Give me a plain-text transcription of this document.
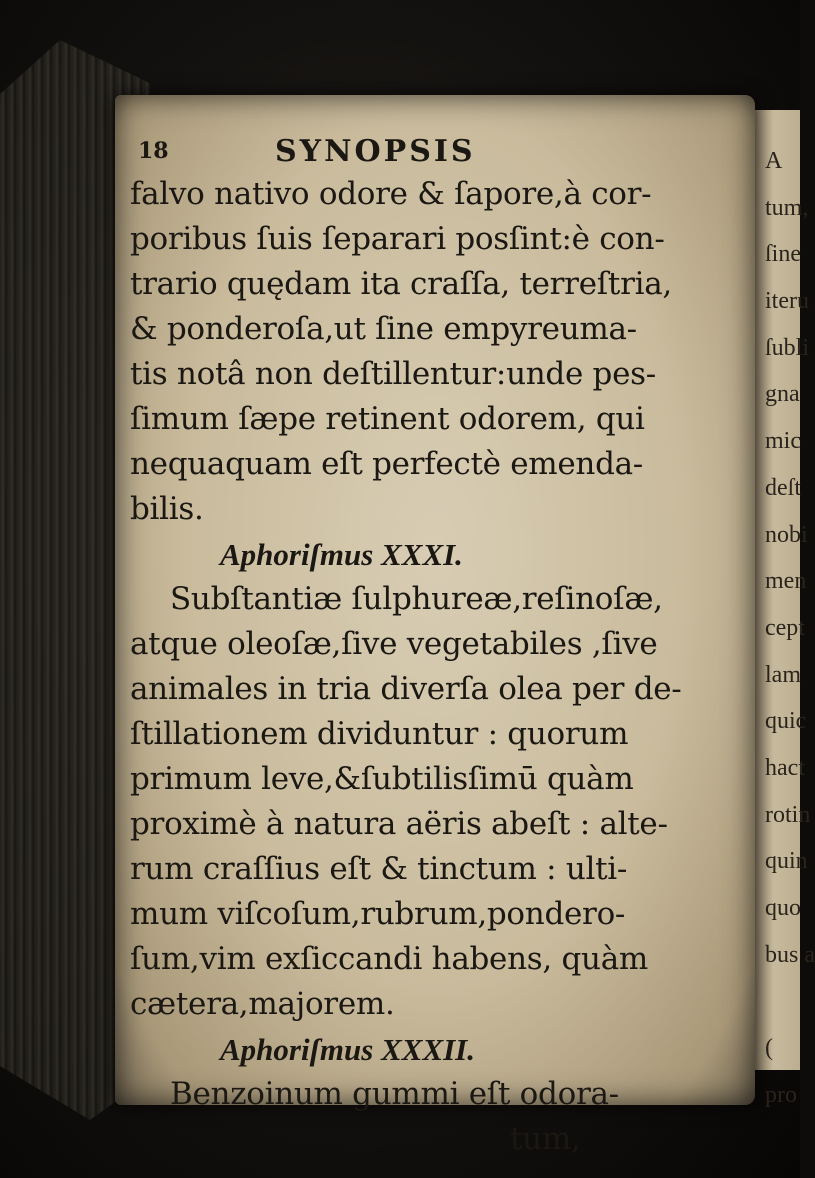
A
tum,
ſine
iteru
ſubli
gna
mic
deſt
nobi
men
cept
lam
quic
hact
rotin
quin
quo
bus a
(
pro
18	SYNOPSIS
falvo nativo odore & ſapore,à cor-
poribus ſuis ſeparari posſint:è con-
trario quędam ita craſſa, terreſtria,
& ponderoſa,ut ſine empyreuma-
tis notâ non deſtillentur:unde pes-
ſimum ſæpe retinent odorem, qui
nequaquam eſt perfectè emenda-
bilis.
Aphoriſmus XXXI.
Subſtantiæ ſulphureæ,reſinoſæ,
atque oleoſæ,ſive vegetabiles ,ſive
animales in tria diverſa olea per de-
ſtillationem dividuntur : quorum
primum leve,&ſubtilisſimū quàm
proximè à natura aëris abeſt : alte-
rum craſſius eſt & tinctum : ulti-
mum viſcoſum,rubrum,pondero-
ſum,vim exſiccandi habens, quàm
cætera,majorem.
Aphoriſmus XXXII.
Benzoinum gummi eſt odora-
tum,
